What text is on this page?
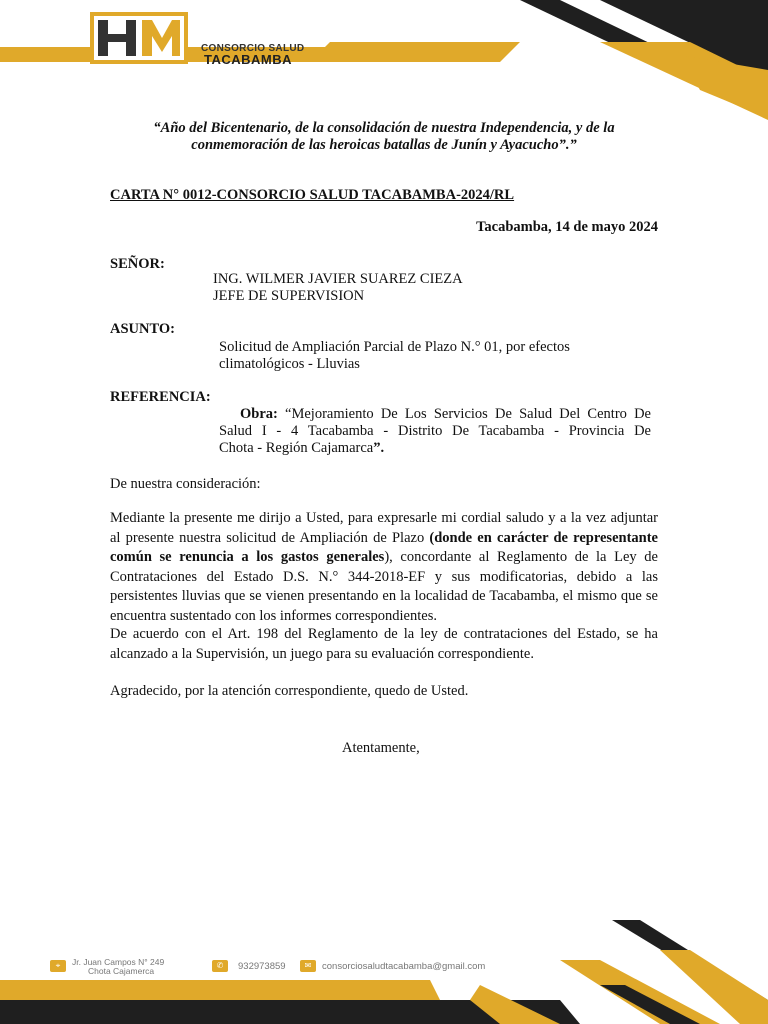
CONSORCIO SALUD
TACABAMBA
“Año del Bicentenario, de la consolidación de nuestra Independencia, y de la
conmemoración de las heroicas batallas de Junín y Ayacucho”.”
CARTA N° 0012-CONSORCIO SALUD TACABAMBA-2024/RL
Tacabamba, 14 de mayo 2024
SEÑOR:
ING. WILMER JAVIER SUAREZ CIEZA
JEFE DE SUPERVISION
ASUNTO:
Solicitud de Ampliación Parcial de Plazo N.° 01, por efectos
climatológicos - Lluvias
REFERENCIA:
Obra: “Mejoramiento De Los Servicios De Salud Del Centro De
Salud I - 4 Tacabamba - Distrito De Tacabamba - Provincia De
Chota - Región Cajamarca”.
De nuestra consideración:
Mediante la presente me dirijo a Usted, para expresarle mi cordial saludo y a la vez adjuntar al presente nuestra solicitud de Ampliación de Plazo (donde en carácter de representante común se renuncia a los gastos generales), concordante al Reglamento de la Ley de Contrataciones del Estado D.S. N.° 344-2018-EF y sus modificatorias, debido a las persistentes lluvias que se vienen presentando en la localidad de Tacabamba, el mismo que se encuentra sustentado con los informes correspondientes.
De acuerdo con el Art. 198 del Reglamento de la ley de contrataciones del Estado, se ha alcanzado a la Supervisión, un juego para su evaluación correspondiente.
Agradecido, por la atención correspondiente, quedo de Usted.
Atentamente,
⌖	Jr. Juan Campos N° 249
Chota Cajamerca
✆	932973859	✉	consorciosaludtacabamba@gmail.com
